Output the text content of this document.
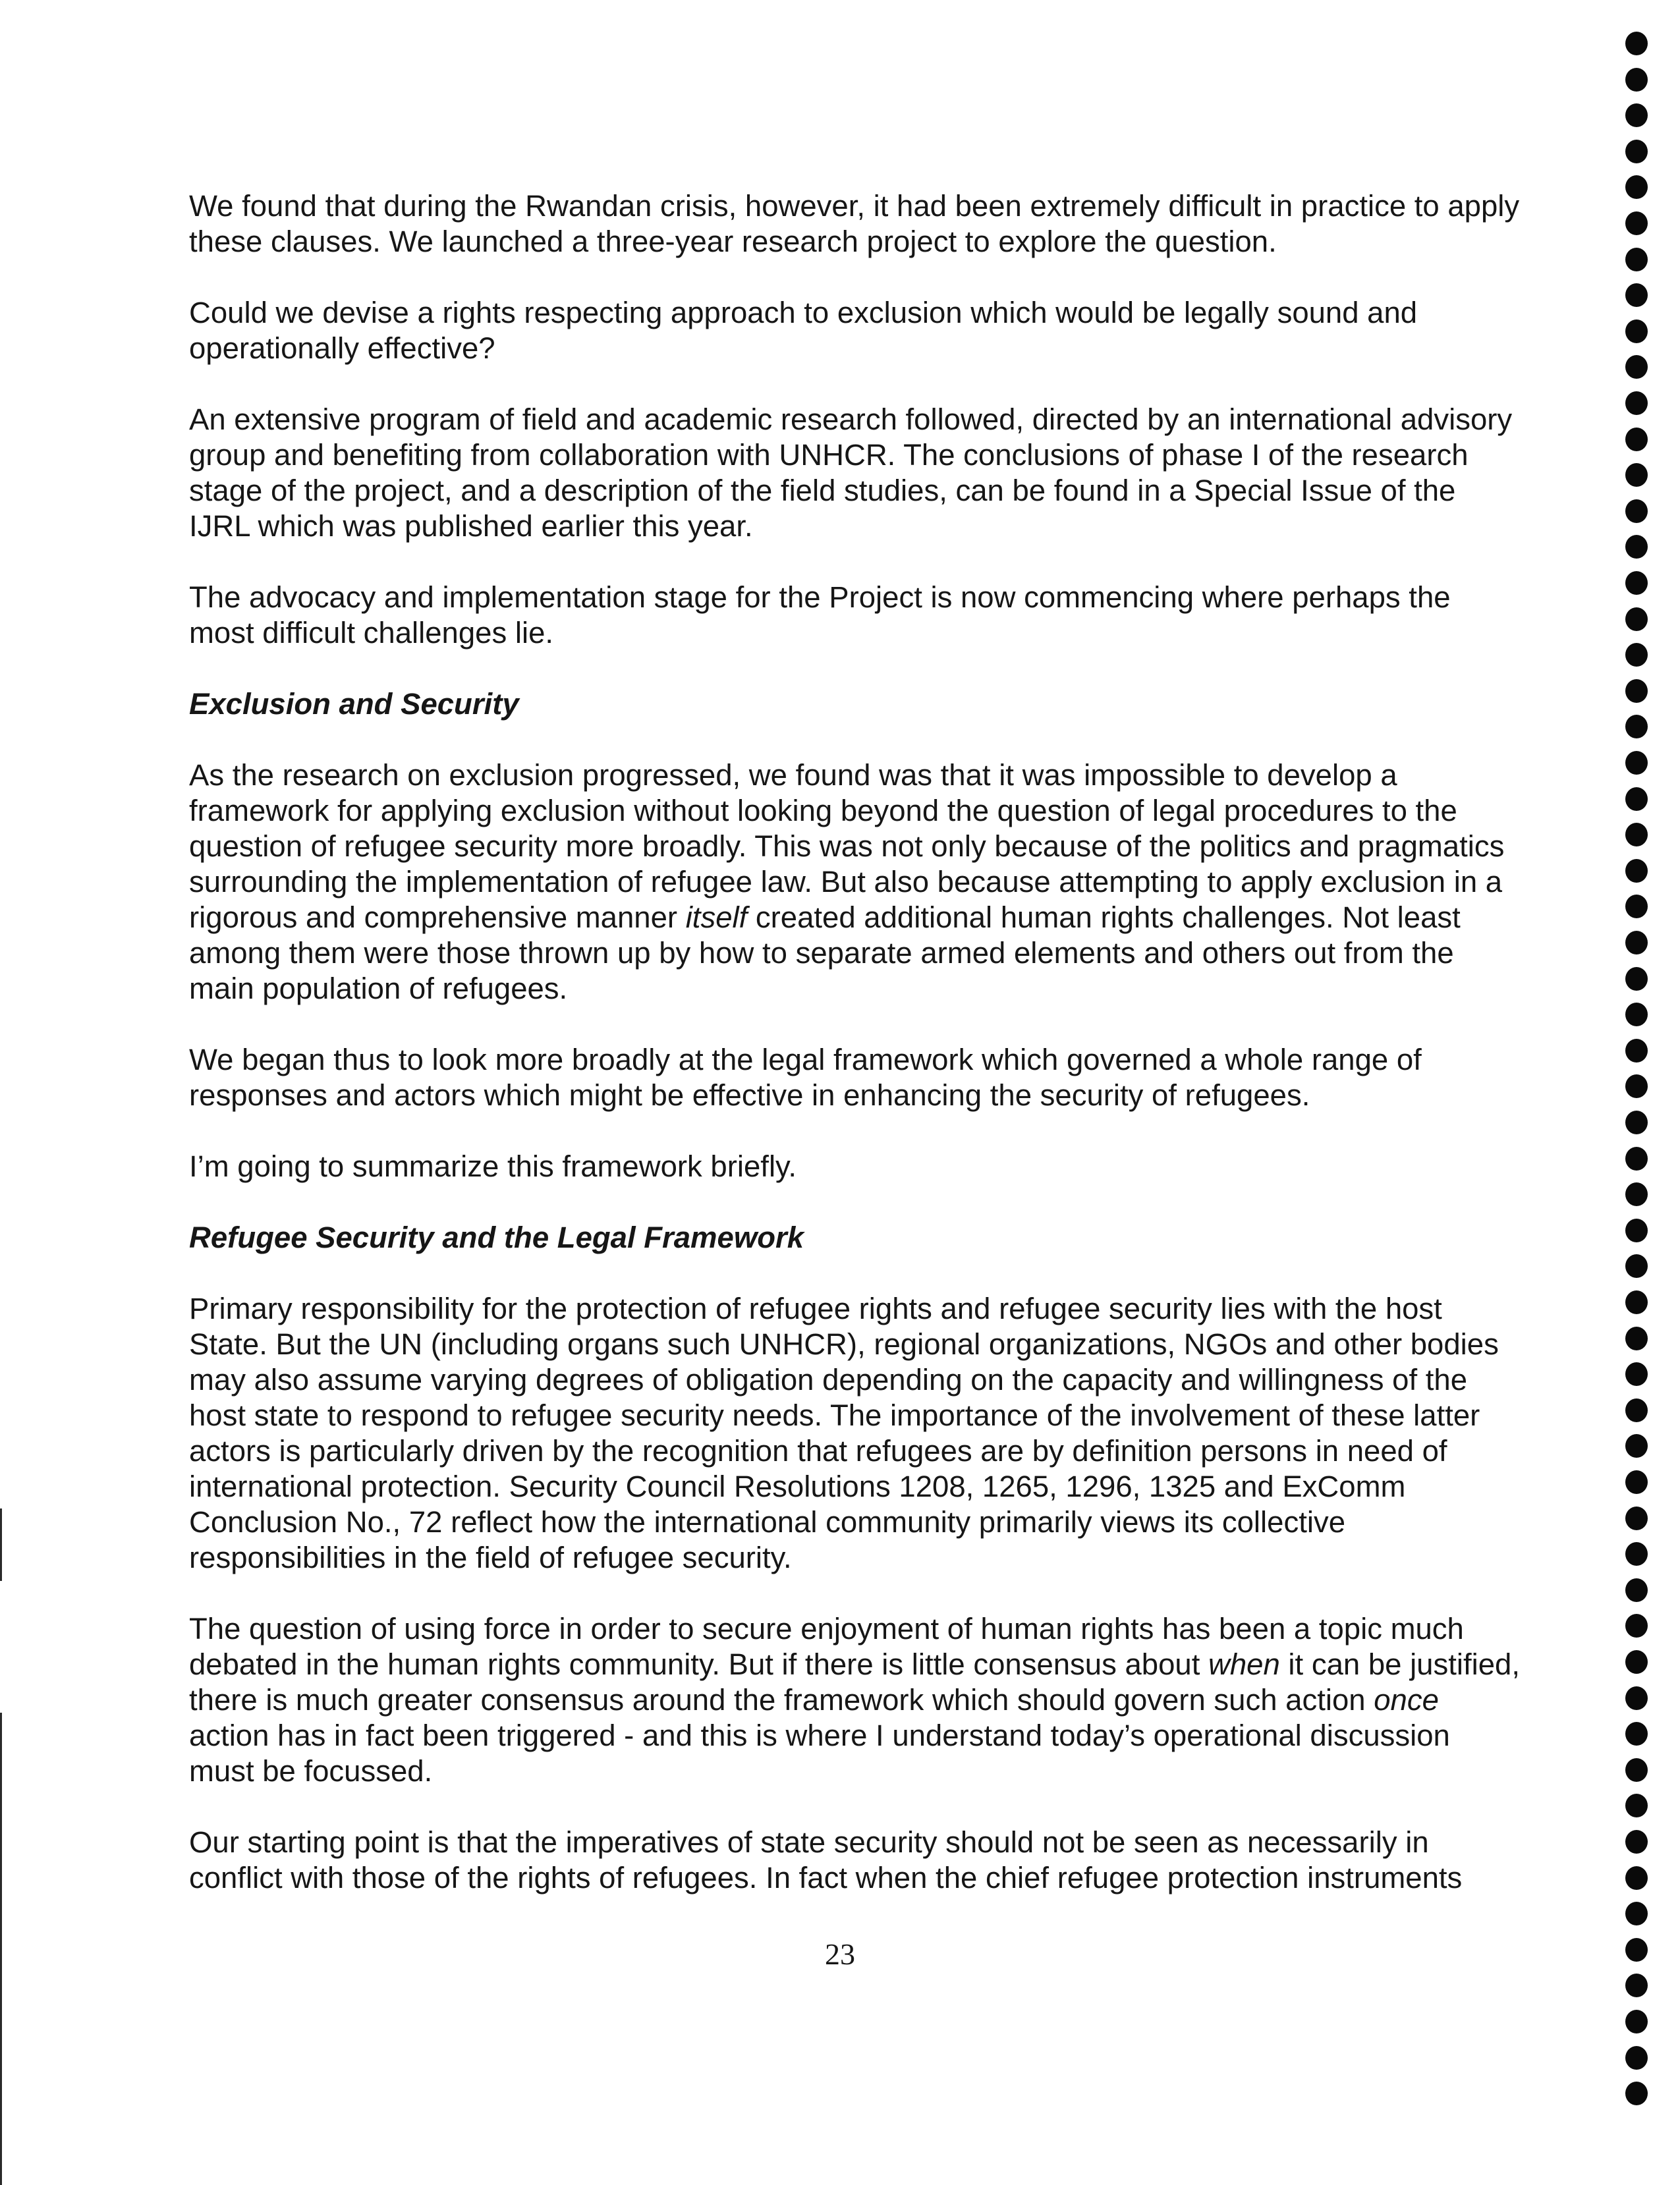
We found that during the Rwandan crisis, however, it had been extremely difficult in practice to apply these clauses. We launched a three-year research project to explore the question.

Could we devise a rights respecting approach to exclusion which would be legally sound and operationally effective?

An extensive program of field and academic research followed, directed by an international advisory group and benefiting from collaboration with UNHCR. The conclusions of phase I of the research stage of the project, and a description of the field studies, can be found in a Special Issue of the IJRL which was published earlier this year.

The advocacy and implementation stage for the Project is now commencing where perhaps the most difficult challenges lie.

Exclusion and Security

As the research on exclusion progressed, we found was that it was impossible to develop a framework for applying exclusion without looking beyond the question of legal procedures to the question of refugee security more broadly. This was not only because of the politics and pragmatics surrounding the implementation of refugee law. But also because attempting to apply exclusion in a rigorous and comprehensive manner itself created additional human rights challenges. Not least among them were those thrown up by how to separate armed elements and others out from the main population of refugees.

We began thus to look more broadly at the legal framework which governed a whole range of responses and actors which might be effective in enhancing the security of refugees.

I’m going to summarize this framework briefly.

Refugee Security and the Legal Framework

Primary responsibility for the protection of refugee rights and refugee security lies with the host State. But the UN (including organs such UNHCR), regional organizations, NGOs and other bodies may also assume varying degrees of obligation depending on the capacity and willingness of the host state to respond to refugee security needs. The importance of the involvement of these latter actors is particularly driven by the recognition that refugees are by definition persons in need of international protection. Security Council Resolutions 1208, 1265, 1296, 1325 and ExComm Conclusion No., 72 reflect how the international community primarily views its collective responsibilities in the field of refugee security.

The question of using force in order to secure enjoyment of human rights has been a topic much debated in the human rights community. But if there is little consensus about when it can be justified, there is much greater consensus around the framework which should govern such action once action has in fact been triggered - and this is where I understand today’s operational discussion must be focussed.

Our starting point is that the imperatives of state security should not be seen as necessarily in conflict with those of the rights of refugees. In fact when the chief refugee protection instruments

23
